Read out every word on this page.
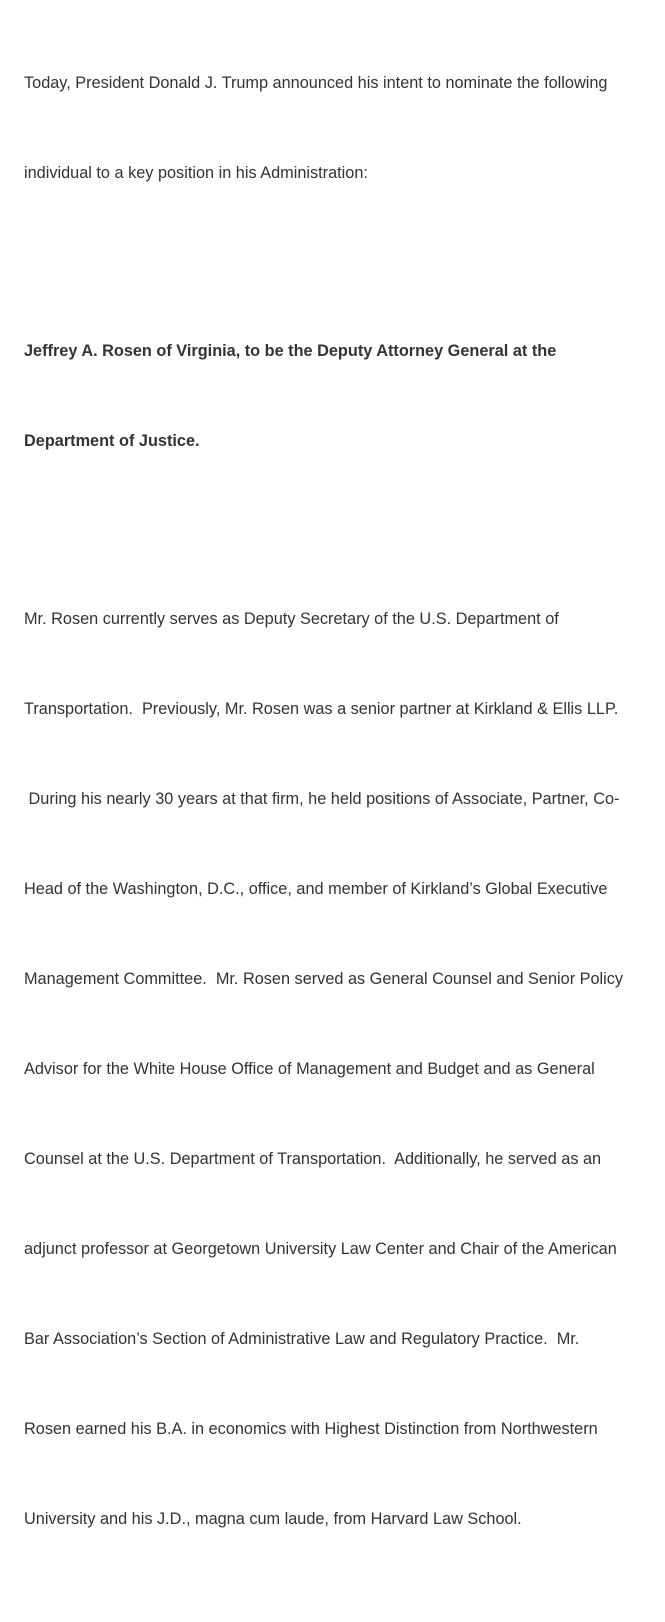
Today, President Donald J. Trump announced his intent to nominate the following

individual to a key position in his Administration:

Jeffrey A. Rosen of Virginia, to be the Deputy Attorney General at the

Department of Justice.

Mr. Rosen currently serves as Deputy Secretary of the U.S. Department of

Transportation.  Previously, Mr. Rosen was a senior partner at Kirkland & Ellis LLP.

During his nearly 30 years at that firm, he held positions of Associate, Partner, Co-

Head of the Washington, D.C., office, and member of Kirkland’s Global Executive

Management Committee.  Mr. Rosen served as General Counsel and Senior Policy

Advisor for the White House Office of Management and Budget and as General

Counsel at the U.S. Department of Transportation.  Additionally, he served as an

adjunct professor at Georgetown University Law Center and Chair of the American

Bar Association’s Section of Administrative Law and Regulatory Practice.  Mr.

Rosen earned his B.A. in economics with Highest Distinction from Northwestern

University and his J.D., magna cum laude, from Harvard Law School.
